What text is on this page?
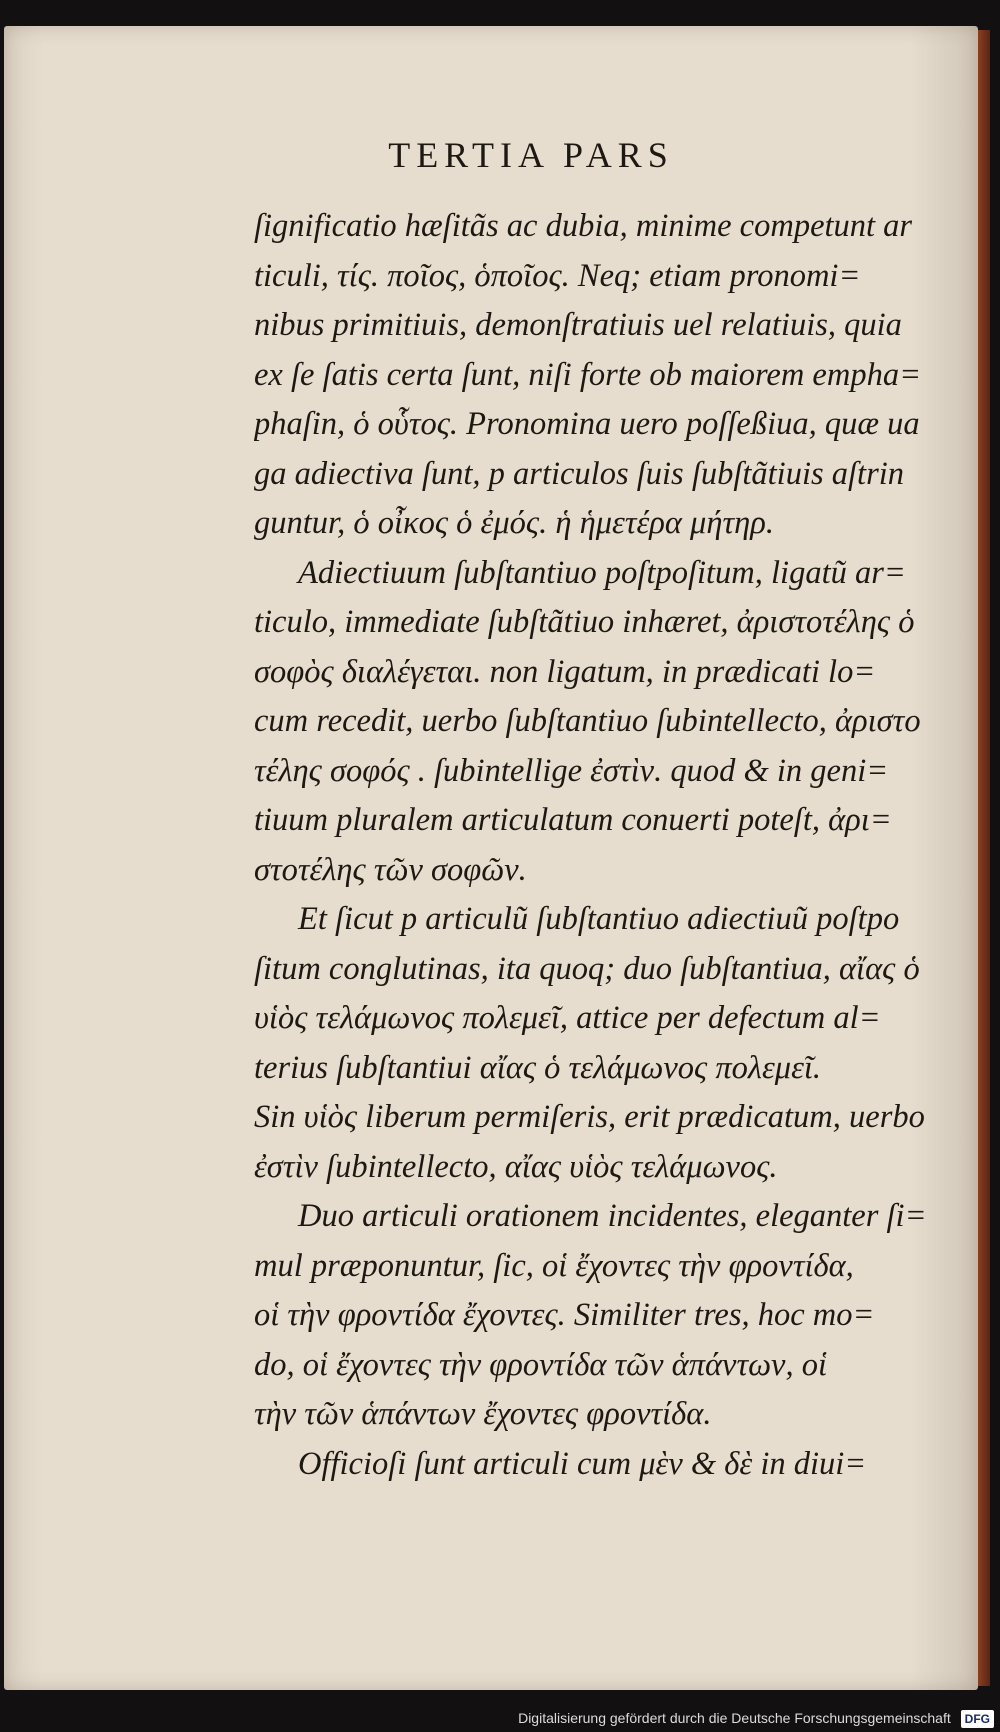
TERTIA PARS
ſignificatio hæſitãs ac dubia, minime competunt ar
ticuli, τίς. ποῖος, ὁποῖος. Neq; etiam pronomi=
nibus primitiuis, demonſtratiuis uel relatiuis, quia
ex ſe ſatis certa ſunt, niſi forte ob maiorem empha=
phaſin, ὁ οὗτος. Pronomina uero poſſeßiua, quæ ua
ga adiectiva ſunt, p articulos ſuis ſubſtãtiuis aſtrin
guntur, ὁ οἶκος ὁ ἐμός. ἡ ἡμετέρα μήτηρ.
Adiectiuum ſubſtantiuo poſtpoſitum, ligatũ ar=
ticulo, immediate ſubſtãtiuo inhæret, ἀριστοτέλης ὁ
σοφὸς διαλέγεται. non ligatum, in prædicati lo=
cum recedit, uerbo ſubſtantiuo ſubintellecto, ἀριστο
τέλης σοφός . ſubintellige ἐστὶν. quod & in geni=
tiuum pluralem articulatum conuerti poteſt, ἀρι=
στοτέλης τῶν σοφῶν.
Et ſicut p articulũ ſubſtantiuo adiectiuũ poſtpo
ſitum conglutinas, ita quoq; duo ſubſtantiua, αἴας ὁ
υἱὸς τελάμωνος πολεμεῖ, attice per defectum al=
terius ſubſtantiui αἴας ὁ τελάμωνος πολεμεῖ.
Sin υἱὸς liberum permiſeris, erit prædicatum, uerbo
ἐστὶν ſubintellecto, αἴας υἱὸς τελάμωνος.
Duo articuli orationem incidentes, eleganter ſi=
mul præponuntur, ſic, οἱ ἔχοντες τὴν φροντίδα,
οἱ τὴν φροντίδα ἔχοντες. Similiter tres, hoc mo=
do, οἱ ἔχοντες τὴν φροντίδα τῶν ἁπάντων, οἱ
τὴν τῶν ἁπάντων ἔχοντες φροντίδα.
Officioſi ſunt articuli cum μὲν & δὲ in diui=
Digitalisierung gefördert durch die Deutsche Forschungsgemeinschaft DFG
